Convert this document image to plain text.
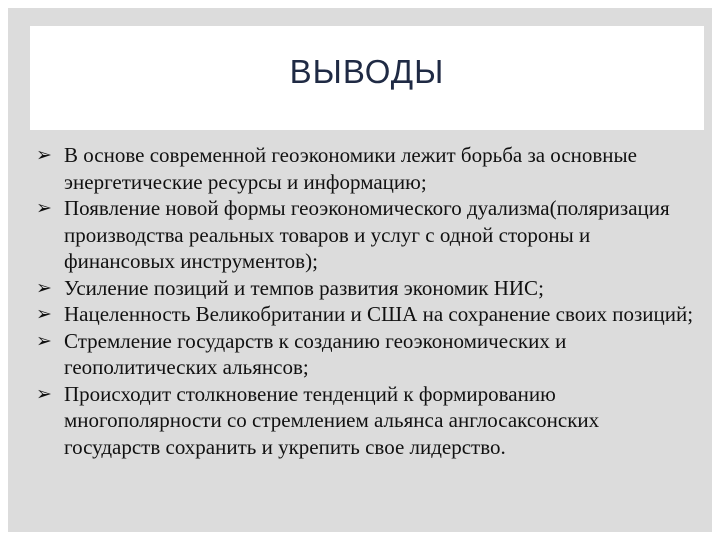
ВЫВОДЫ
➢ В основе современной геоэкономики лежит борьба за основные энергетические ресурсы и информацию;
➢ Появление новой формы геоэкономического дуализма(поляризация производства реальных товаров и услуг с одной стороны и финансовых инструментов);
➢ Усиление позиций и темпов развития экономик НИС;
➢ Нацеленность Великобритании и США на сохранение своих позиций;
➢ Стремление государств к созданию геоэкономических и геополитических альянсов;
➢ Происходит столкновение тенденций к формированию многополярности со стремлением альянса англосаксонских государств сохранить и укрепить свое лидерство.
